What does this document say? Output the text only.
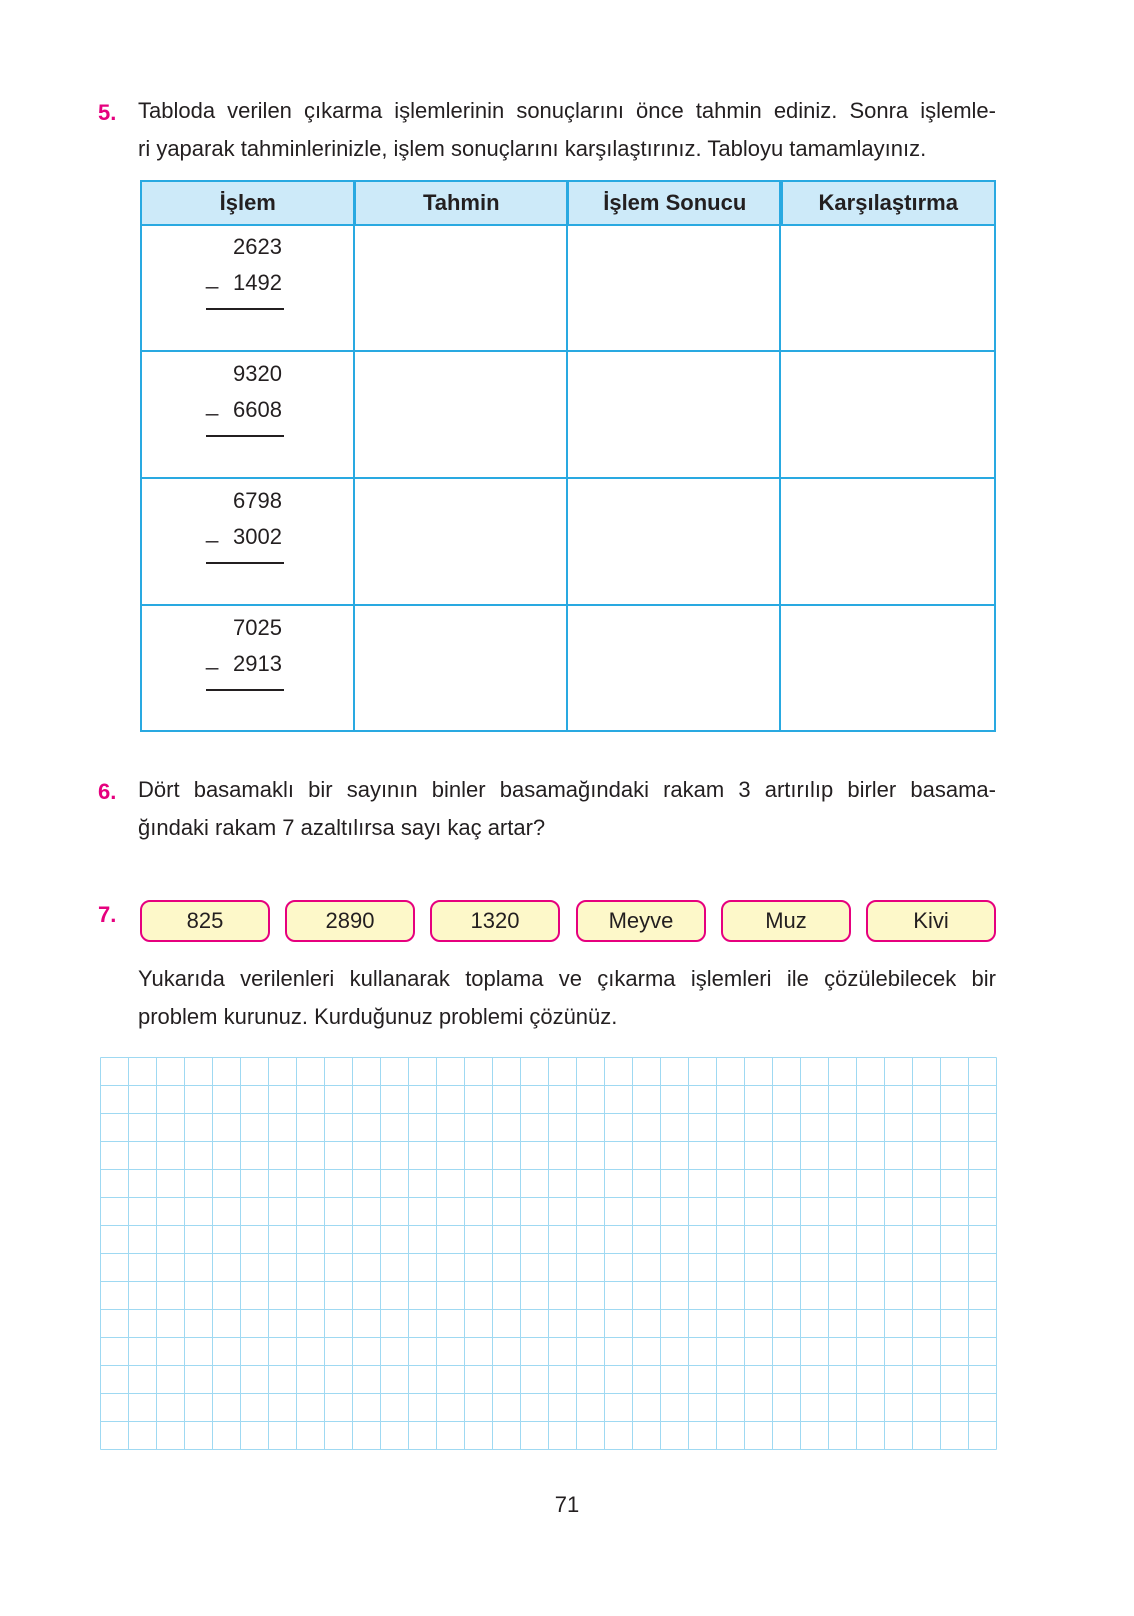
5. Tabloda verilen çıkarma işlemlerinin sonuçlarını önce tahmin ediniz. Sonra işlemle-
ri yaparak tahminlerinizle, işlem sonuçlarını karşılaştırınız. Tabloyu tamamlayınız.
İşlem	Tahmin	İşlem Sonucu	Karşılaştırma
2623
_ 1492
9320
_ 6608
6798
_ 3002
7025
_ 2913
6. Dört basamaklı bir sayının binler basamağındaki rakam 3 artırılıp birler basama-
ğındaki rakam 7 azaltılırsa sayı kaç artar?
7.	825	2890	1320	Meyve	Muz	Kivi
Yukarıda verilenleri kullanarak toplama ve çıkarma işlemleri ile çözülebilecek bir
problem kurunuz. Kurduğunuz problemi çözünüz.
71
